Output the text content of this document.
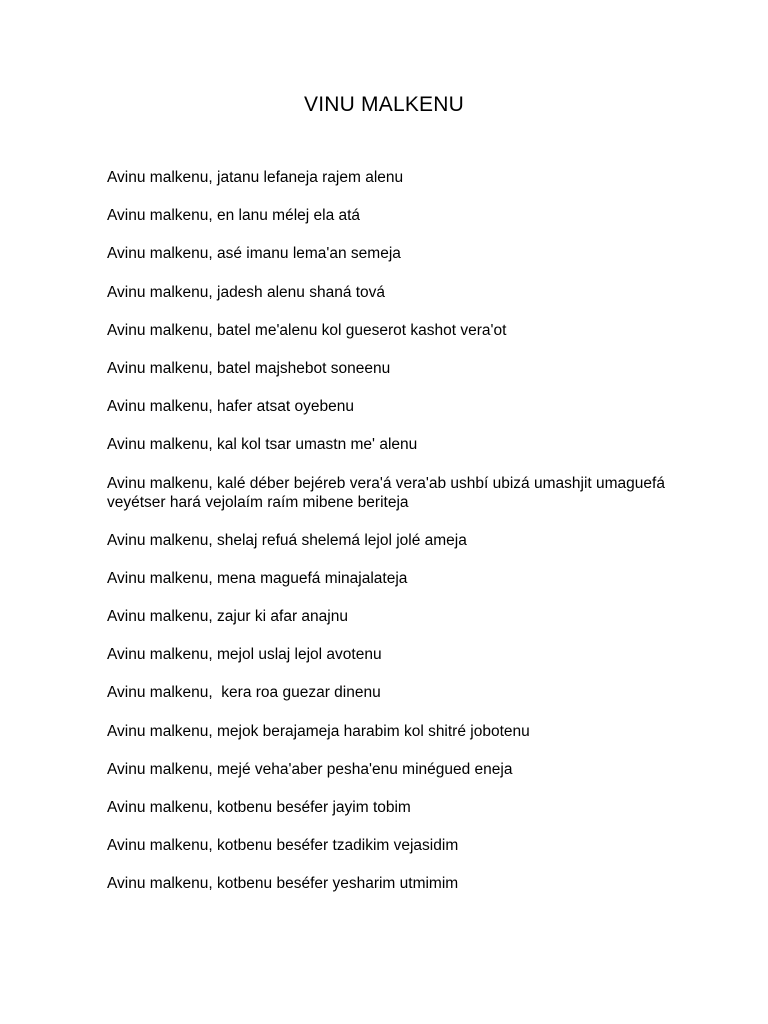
VINU MALKENU
Avinu malkenu, jatanu lefaneja rajem alenu
Avinu malkenu, en lanu mélej ela atá
Avinu malkenu, asé imanu lema'an semeja
Avinu malkenu, jadesh alenu shaná tová
Avinu malkenu, batel me'alenu kol gueserot kashot vera'ot
Avinu malkenu, batel majshebot soneenu
Avinu malkenu, hafer atsat oyebenu
Avinu malkenu, kal kol tsar umastn me' alenu
Avinu malkenu, kalé déber bejéreb vera'á vera'ab ushbí ubizá umashjit umaguefá veyétser hará vejolaím raím mibene beriteja
Avinu malkenu, shelaj refuá shelemá lejol jolé ameja
Avinu malkenu, mena maguefá minajalateja
Avinu malkenu, zajur ki afar anajnu
Avinu malkenu, mejol uslaj lejol avotenu
Avinu malkenu,  kera roa guezar dinenu
Avinu malkenu, mejok berajameja harabim kol shitré jobotenu
Avinu malkenu, mejé veha'aber pesha'enu minégued eneja
Avinu malkenu, kotbenu beséfer jayim tobim
Avinu malkenu, kotbenu beséfer tzadikim vejasidim
Avinu malkenu, kotbenu beséfer yesharim utmimim
